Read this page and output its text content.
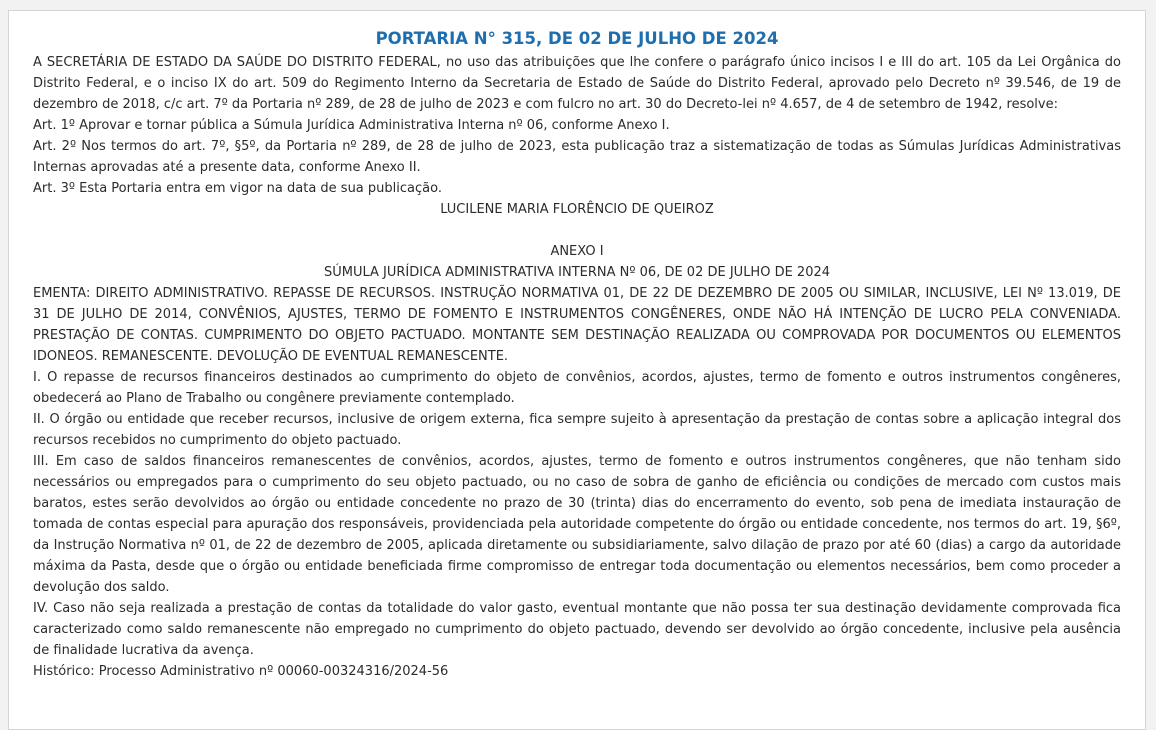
PORTARIA N° 315, DE 02 DE JULHO DE 2024

A SECRETÁRIA DE ESTADO DA SAÚDE DO DISTRITO FEDERAL, no uso das atribuições que lhe confere o parágrafo único incisos I e III do art. 105 da Lei Orgânica do Distrito Federal, e o inciso IX do art. 509 do Regimento Interno da Secretaria de Estado de Saúde do Distrito Federal, aprovado pelo Decreto nº 39.546, de 19 de dezembro de 2018, c/c art. 7º da Portaria nº 289, de 28 de julho de 2023 e com fulcro no art. 30 do Decreto-lei nº 4.657, de 4 de setembro de 1942, resolve:

Art. 1º Aprovar e tornar pública a Súmula Jurídica Administrativa Interna nº 06, conforme Anexo I.

Art. 2º Nos termos do art. 7º, §5º, da Portaria nº 289, de 28 de julho de 2023, esta publicação traz a sistematização de todas as Súmulas Jurídicas Administrativas Internas aprovadas até a presente data, conforme Anexo II.

Art. 3º Esta Portaria entra em vigor na data de sua publicação.

LUCILENE MARIA FLORÊNCIO DE QUEIROZ

ANEXO I

SÚMULA JURÍDICA ADMINISTRATIVA INTERNA Nº 06, DE 02 DE JULHO DE 2024

EMENTA: DIREITO ADMINISTRATIVO. REPASSE DE RECURSOS. INSTRUÇÃO NORMATIVA 01, DE 22 DE DEZEMBRO DE 2005 OU SIMILAR, INCLUSIVE, LEI Nº 13.019, DE 31 DE JULHO DE 2014, CONVÊNIOS, AJUSTES, TERMO DE FOMENTO E INSTRUMENTOS CONGÊNERES, ONDE NÃO HÁ INTENÇÃO DE LUCRO PELA CONVENIADA. PRESTAÇÃO DE CONTAS. CUMPRIMENTO DO OBJETO PACTUADO. MONTANTE SEM DESTINAÇÃO REALIZADA OU COMPROVADA POR DOCUMENTOS OU ELEMENTOS IDONEOS. REMANESCENTE. DEVOLUÇÃO DE EVENTUAL REMANESCENTE.

I. O repasse de recursos financeiros destinados ao cumprimento do objeto de convênios, acordos, ajustes, termo de fomento e outros instrumentos congêneres, obedecerá ao Plano de Trabalho ou congênere previamente contemplado.

II. O órgão ou entidade que receber recursos, inclusive de origem externa, fica sempre sujeito à apresentação da prestação de contas sobre a aplicação integral dos recursos recebidos no cumprimento do objeto pactuado.

III. Em caso de saldos financeiros remanescentes de convênios, acordos, ajustes, termo de fomento e outros instrumentos congêneres, que não tenham sido necessários ou empregados para o cumprimento do seu objeto pactuado, ou no caso de sobra de ganho de eficiência ou condições de mercado com custos mais baratos, estes serão devolvidos ao órgão ou entidade concedente no prazo de 30 (trinta) dias do encerramento do evento, sob pena de imediata instauração de tomada de contas especial para apuração dos responsáveis, providenciada pela autoridade competente do órgão ou entidade concedente, nos termos do art. 19, §6º, da Instrução Normativa nº 01, de 22 de dezembro de 2005, aplicada diretamente ou subsidiariamente, salvo dilação de prazo por até 60 (dias) a cargo da autoridade máxima da Pasta, desde que o órgão ou entidade beneficiada firme compromisso de entregar toda documentação ou elementos necessários, bem como proceder a devolução dos saldo.

IV. Caso não seja realizada a prestação de contas da totalidade do valor gasto, eventual montante que não possa ter sua destinação devidamente comprovada fica caracterizado como saldo remanescente não empregado no cumprimento do objeto pactuado, devendo ser devolvido ao órgão concedente, inclusive pela ausência de finalidade lucrativa da avença.

Histórico: Processo Administrativo nº 00060-00324316/2024-56
